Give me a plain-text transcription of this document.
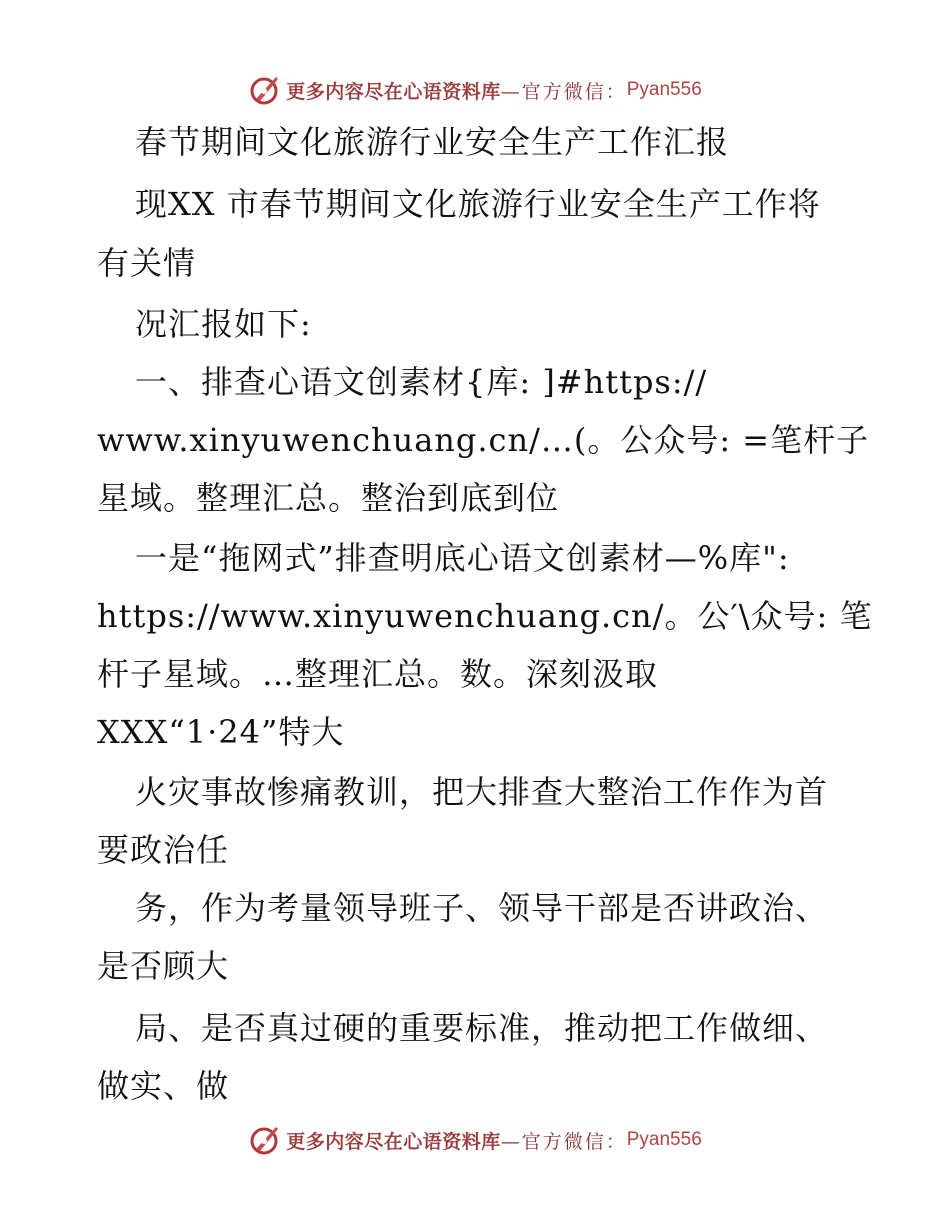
更多内容尽在心语资料库 —官方微信： Pyan556
春节期间文化旅游行业安全生产工作汇报
现XX 市春节期间文化旅游行业安全生产工作将
有关情
况汇报如下:
一、排查心语文创素材{库: ]#https://
www.xinyuwenchuang.cn/…(。公众号: =笔杆子
星域。整理汇总。整治到底到位
一是“拖网式”排查明底心语文创素材—%库":
https://www.xinyuwenchuang.cn/。公′\众号: 笔
杆子星域。…整理汇总。数。深刻汲取
XXX“1·24”特大
火灾事故惨痛教训，把大排查大整治工作作为首
要政治任
务，作为考量领导班子、领导干部是否讲政治、
是否顾大
局、是否真过硬的重要标准，推动把工作做细、
做实、做
更多内容尽在心语资料库 —官方微信： Pyan556
